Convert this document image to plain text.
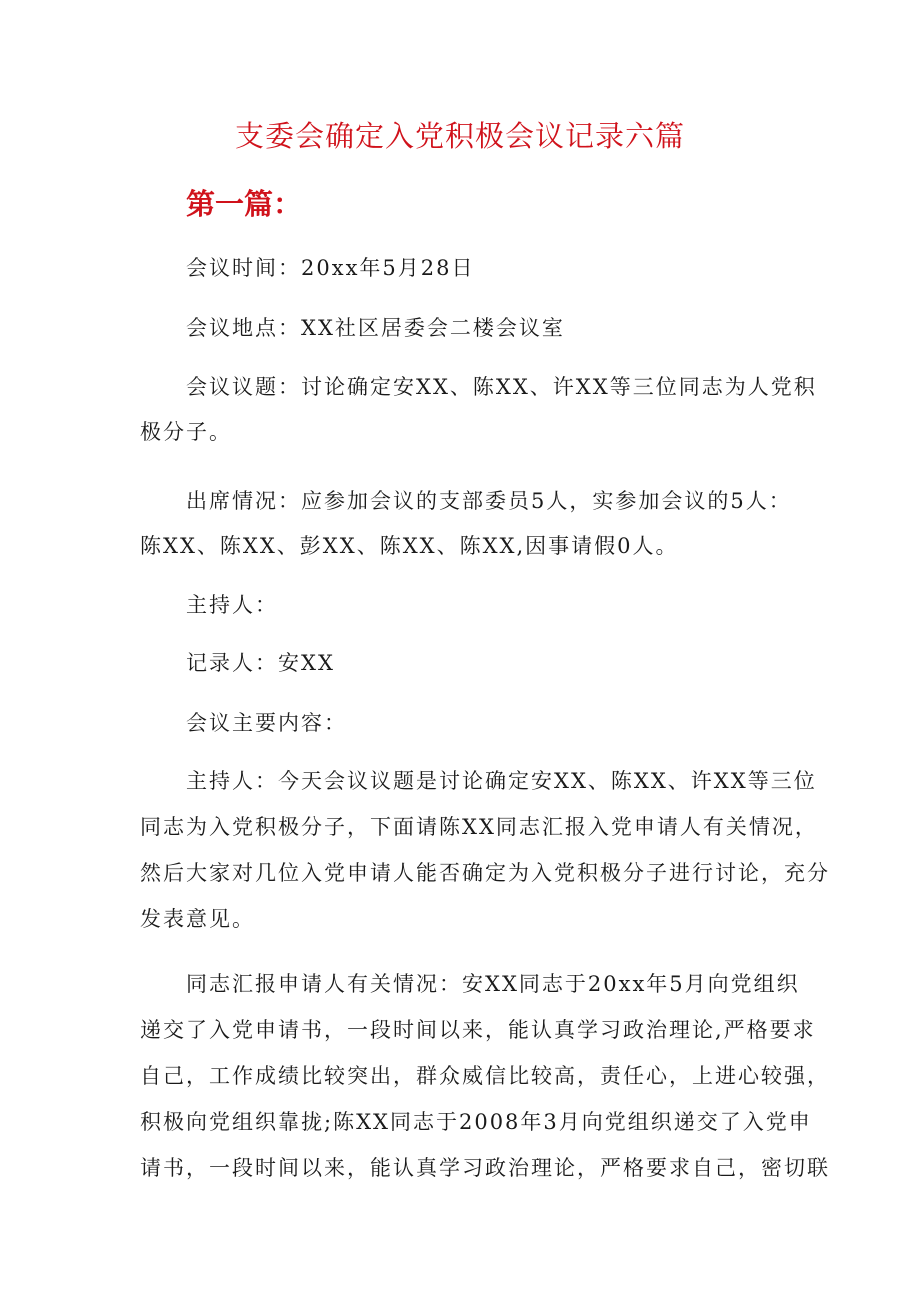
支委会确定入党积极会议记录六篇
第一篇：
会议时间：20xx年5月28日
会议地点：XX社区居委会二楼会议室
会议议题：讨论确定安XX、陈XX、许XX等三位同志为人党积
极分子。
出席情况：应参加会议的支部委员5人，实参加会议的5人：
陈XX、陈XX、彭XX、陈XX、陈XX,因事请假0人。
主持人：
记录人：安XX
会议主要内容：
主持人：今天会议议题是讨论确定安XX、陈XX、许XX等三位
同志为入党积极分子，下面请陈XX同志汇报入党申请人有关情况，
然后大家对几位入党申请人能否确定为入党积极分子进行讨论，充分
发表意见。
同志汇报申请人有关情况：安XX同志于20xx年5月向党组织
递交了入党申请书，一段时间以来，能认真学习政治理论,严格要求
自己，工作成绩比较突出，群众威信比较高，责任心，上进心较强，
积极向党组织靠拢;陈XX同志于2008年3月向党组织递交了入党申
请书，一段时间以来，能认真学习政治理论，严格要求自己，密切联
